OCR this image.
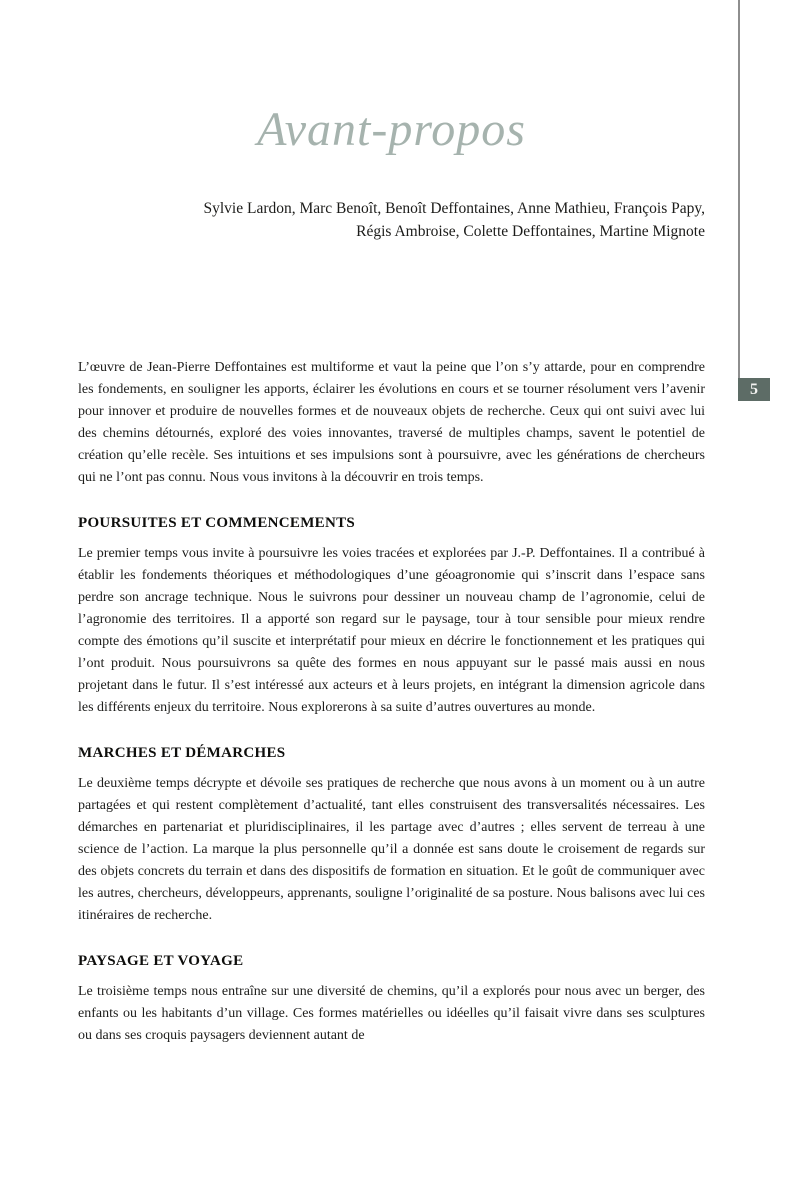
5
Avant-propos
Sylvie Lardon, Marc Benoît, Benoît Deffontaines, Anne Mathieu, François Papy,
Régis Ambroise, Colette Deffontaines, Martine Mignote

L’œuvre de Jean-Pierre Deffontaines est multiforme et vaut la peine que l’on s’y attarde, pour en comprendre les fondements, en souligner les apports, éclairer les évolutions en cours et se tourner résolument vers l’avenir pour innover et produire de nouvelles formes et de nouveaux objets de recherche. Ceux qui ont suivi avec lui des chemins détournés, exploré des voies innovantes, traversé de multiples champs, savent le potentiel de création qu’elle recèle. Ses intuitions et ses impulsions sont à poursuivre, avec les générations de chercheurs qui ne l’ont pas connu. Nous vous invitons à la découvrir en trois temps.

POURSUITES ET COMMENCEMENTS

Le premier temps vous invite à poursuivre les voies tracées et explorées par J.-P. Deffontaines. Il a contribué à établir les fondements théoriques et méthodologiques d’une géoagronomie qui s’inscrit dans l’espace sans perdre son ancrage technique. Nous le suivrons pour dessiner un nouveau champ de l’agronomie, celui de l’agronomie des territoires. Il a apporté son regard sur le paysage, tour à tour sensible pour mieux rendre compte des émotions qu’il suscite et interprétatif pour mieux en décrire le fonctionnement et les pratiques qui l’ont produit. Nous poursuivrons sa quête des formes en nous appuyant sur le passé mais aussi en nous projetant dans le futur. Il s’est intéressé aux acteurs et à leurs projets, en intégrant la dimension agricole dans les différents enjeux du territoire. Nous explorerons à sa suite d’autres ouvertures au monde.

MARCHES ET DÉMARCHES

Le deuxième temps décrypte et dévoile ses pratiques de recherche que nous avons à un moment ou à un autre partagées et qui restent complètement d’actualité, tant elles construisent des transversalités nécessaires. Les démarches en partenariat et pluridisciplinaires, il les partage avec d’autres ; elles servent de terreau à une science de l’action. La marque la plus personnelle qu’il a donnée est sans doute le croisement de regards sur des objets concrets du terrain et dans des dispositifs de formation en situation. Et le goût de communiquer avec les autres, chercheurs, développeurs, apprenants, souligne l’originalité de sa posture. Nous balisons avec lui ces itinéraires de recherche.

PAYSAGE ET VOYAGE

Le troisième temps nous entraîne sur une diversité de chemins, qu’il a explorés pour nous avec un berger, des enfants ou les habitants d’un village. Ces formes matérielles ou idéelles qu’il faisait vivre dans ses sculptures ou dans ses croquis paysagers deviennent autant de
